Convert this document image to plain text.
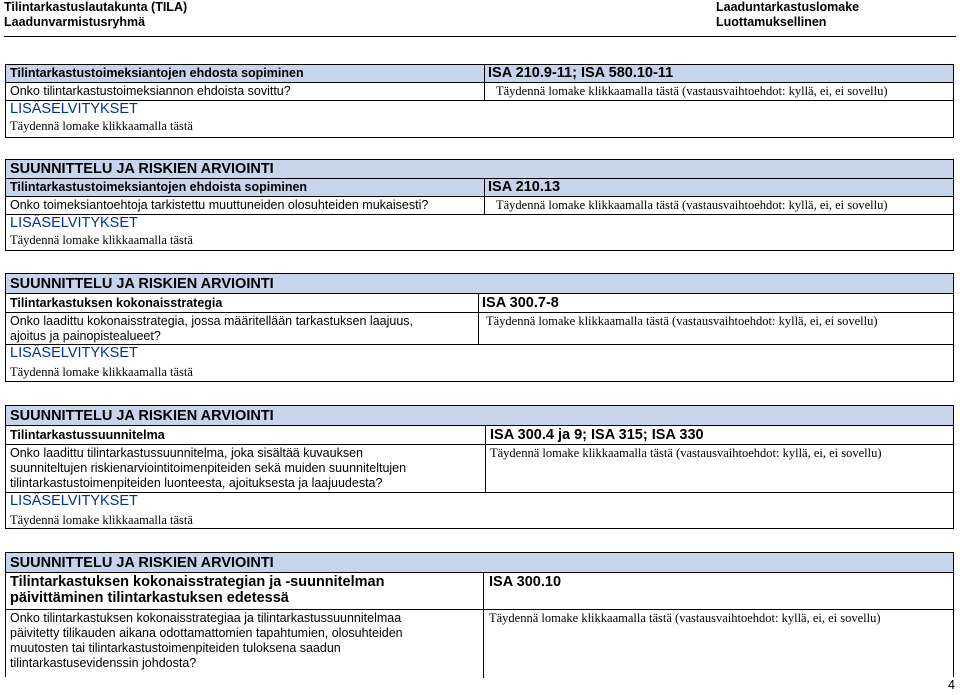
Tilintarkastuslautakunta (TILA)
Laadunvarmistusryhmä
Laaduntarkastuslomake
Luottamuksellinen
Tilintarkastustoimeksiantojen ehdosta sopiminen	ISA 210.9-11; ISA 580.10-11
Onko tilintarkastustoimeksiannon ehdoista sovittu?	Täydennä lomake klikkaamalla tästä (vastausvaihtoehdot: kyllä, ei, ei sovellu)
LISÄSELVITYKSET
Täydennä lomake klikkaamalla tästä
SUUNNITTELU JA RISKIEN ARVIOINTI
Tilintarkastustoimeksiantojen ehdoista sopiminen	ISA 210.13
Onko toimeksiantoehtoja tarkistettu muuttuneiden olosuhteiden mukaisesti?	Täydennä lomake klikkaamalla tästä (vastausvaihtoehdot: kyllä, ei, ei sovellu)
LISÄSELVITYKSET
Täydennä lomake klikkaamalla tästä
SUUNNITTELU JA RISKIEN ARVIOINTI
Tilintarkastuksen kokonaisstrategia	ISA 300.7-8
Onko laadittu kokonaisstrategia, jossa määritellään tarkastuksen laajuus,
ajoitus ja painopistealueet?
Täydennä lomake klikkaamalla tästä (vastausvaihtoehdot: kyllä, ei, ei sovellu)
LISÄSELVITYKSET
Täydennä lomake klikkaamalla tästä
SUUNNITTELU JA RISKIEN ARVIOINTI
Tilintarkastussuunnitelma	ISA 300.4 ja 9; ISA 315; ISA 330
Onko laadittu tilintarkastussuunnitelma, joka sisältää kuvauksen
suunniteltujen riskienarviointitoimenpiteiden sekä muiden suunniteltujen
tilintarkastustoimenpiteiden luonteesta, ajoituksesta ja laajuudesta?
Täydennä lomake klikkaamalla tästä (vastausvaihtoehdot: kyllä, ei, ei sovellu)
LISÄSELVITYKSET
Täydennä lomake klikkaamalla tästä
SUUNNITTELU JA RISKIEN ARVIOINTI
Tilintarkastuksen kokonaisstrategian ja -suunnitelman
päivittäminen tilintarkastuksen edetessä
ISA 300.10
Onko tilintarkastuksen kokonaisstrategiaa ja tilintarkastussuunnitelmaa
päivitetty tilikauden aikana odottamattomien tapahtumien, olosuhteiden
muutosten tai tilintarkastustoimenpiteiden tuloksena saadun
tilintarkastusevidenssin johdosta?
Täydennä lomake klikkaamalla tästä (vastausvaihtoehdot: kyllä, ei, ei sovellu)
4
